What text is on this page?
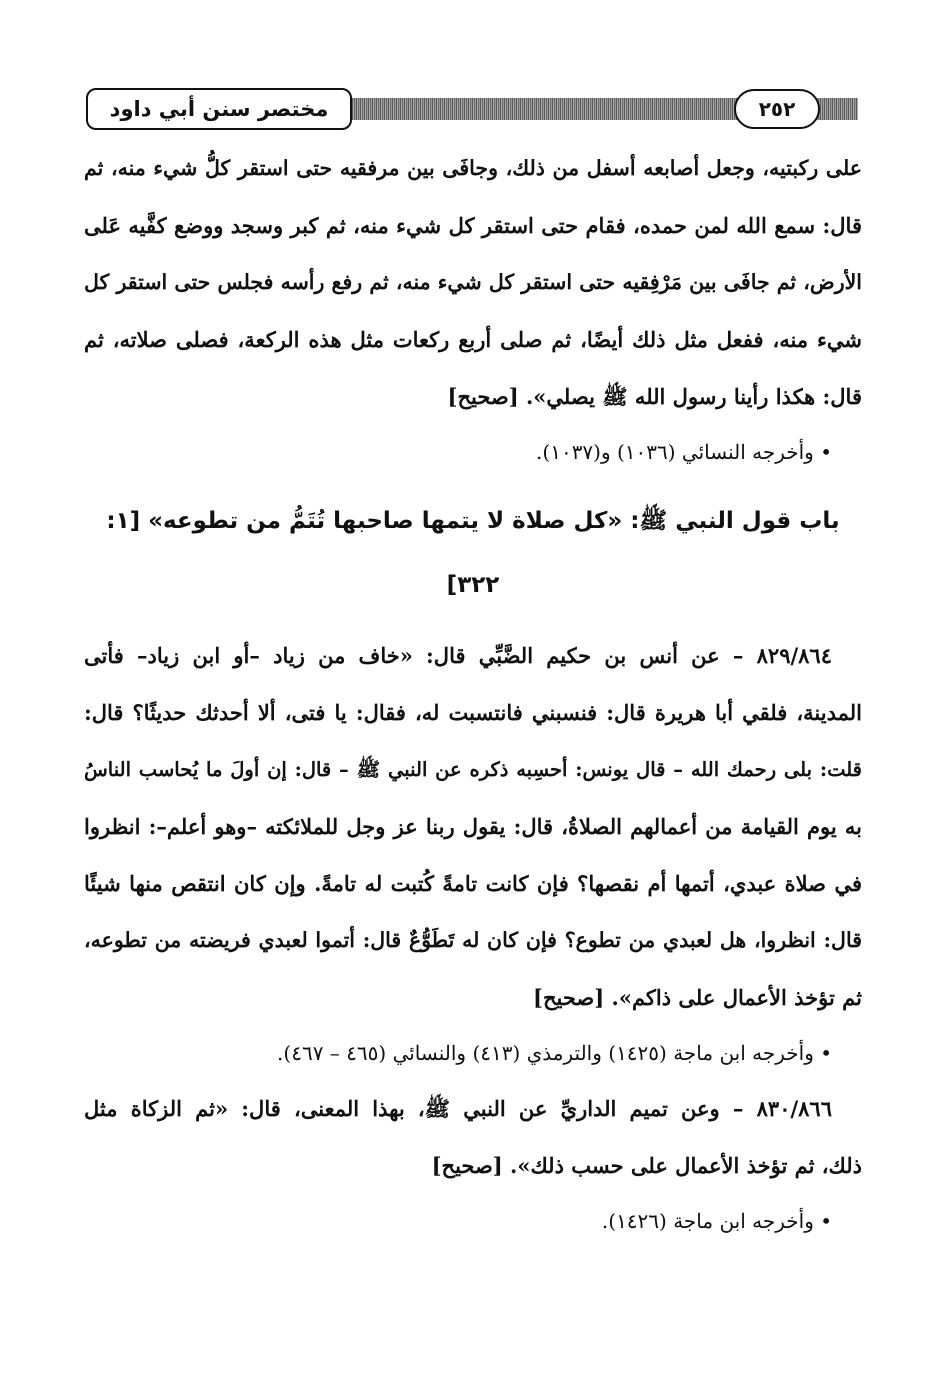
مختصر سنن أبي داود	٢٥٢
على ركبتيه، وجعل أصابعه أسفل من ذلك، وجافَى بين مرفقيه حتى استقر كلُّ شيء منه، ثم
قال: سمع الله لمن حمده، فقام حتى استقر كل شيء منه، ثم كبر وسجد ووضع كفَّيه عَلى
الأرض، ثم جافَى بين مَرْفِقيه حتى استقر كل شيء منه، ثم رفع رأسه فجلس حتى استقر كل
شيء منه، ففعل مثل ذلك أيضًا، ثم صلى أربع ركعات مثل هذه الركعة، فصلى صلاته، ثم
قال: هكذا رأينا رسول الله ﷺ يصلي». [صحيح]
• وأخرجه النسائي (١٠٣٦) و(١٠٣٧).
باب قول النبي ﷺ: «كل صلاة لا يتمها صاحبها تُتَمُّ من تطوعه» [١:
٣٢٢]
٨٢٩/٨٦٤ – عن أنس بن حكيم الضَّبِّي قال: «خاف من زياد –أو ابن زياد– فأتى
المدينة، فلقي أبا هريرة قال: فنسبني فانتسبت له، فقال: يا فتى، ألا أحدثك حديثًا؟ قال:
قلت: بلى رحمك الله – قال يونس: أحسِبه ذكره عن النبي ﷺ – قال: إن أولَ ما يُحاسب الناسُ
به يوم القيامة من أعمالهم الصلاةُ، قال: يقول ربنا عز وجل للملائكته –وهو أعلم–: انظروا
في صلاة عبدي، أتمها أم نقصها؟ فإن كانت تامةً كُتبت له تامةً. وإن كان انتقص منها شيئًا
قال: انظروا، هل لعبدي من تطوع؟ فإن كان له تَطَوُّعٌ قال: أتموا لعبدي فريضته من تطوعه،
ثم تؤخذ الأعمال على ذاكم». [صحيح]
• وأخرجه ابن ماجة (١٤٢٥) والترمذي (٤١٣) والنسائي (٤٦٥ – ٤٦٧).
٨٣٠/٨٦٦ – وعن تميم الداريِّ عن النبي ﷺ، بهذا المعنى، قال: «ثم الزكاة مثل
ذلك، ثم تؤخذ الأعمال على حسب ذلك». [صحيح]
• وأخرجه ابن ماجة (١٤٢٦).
